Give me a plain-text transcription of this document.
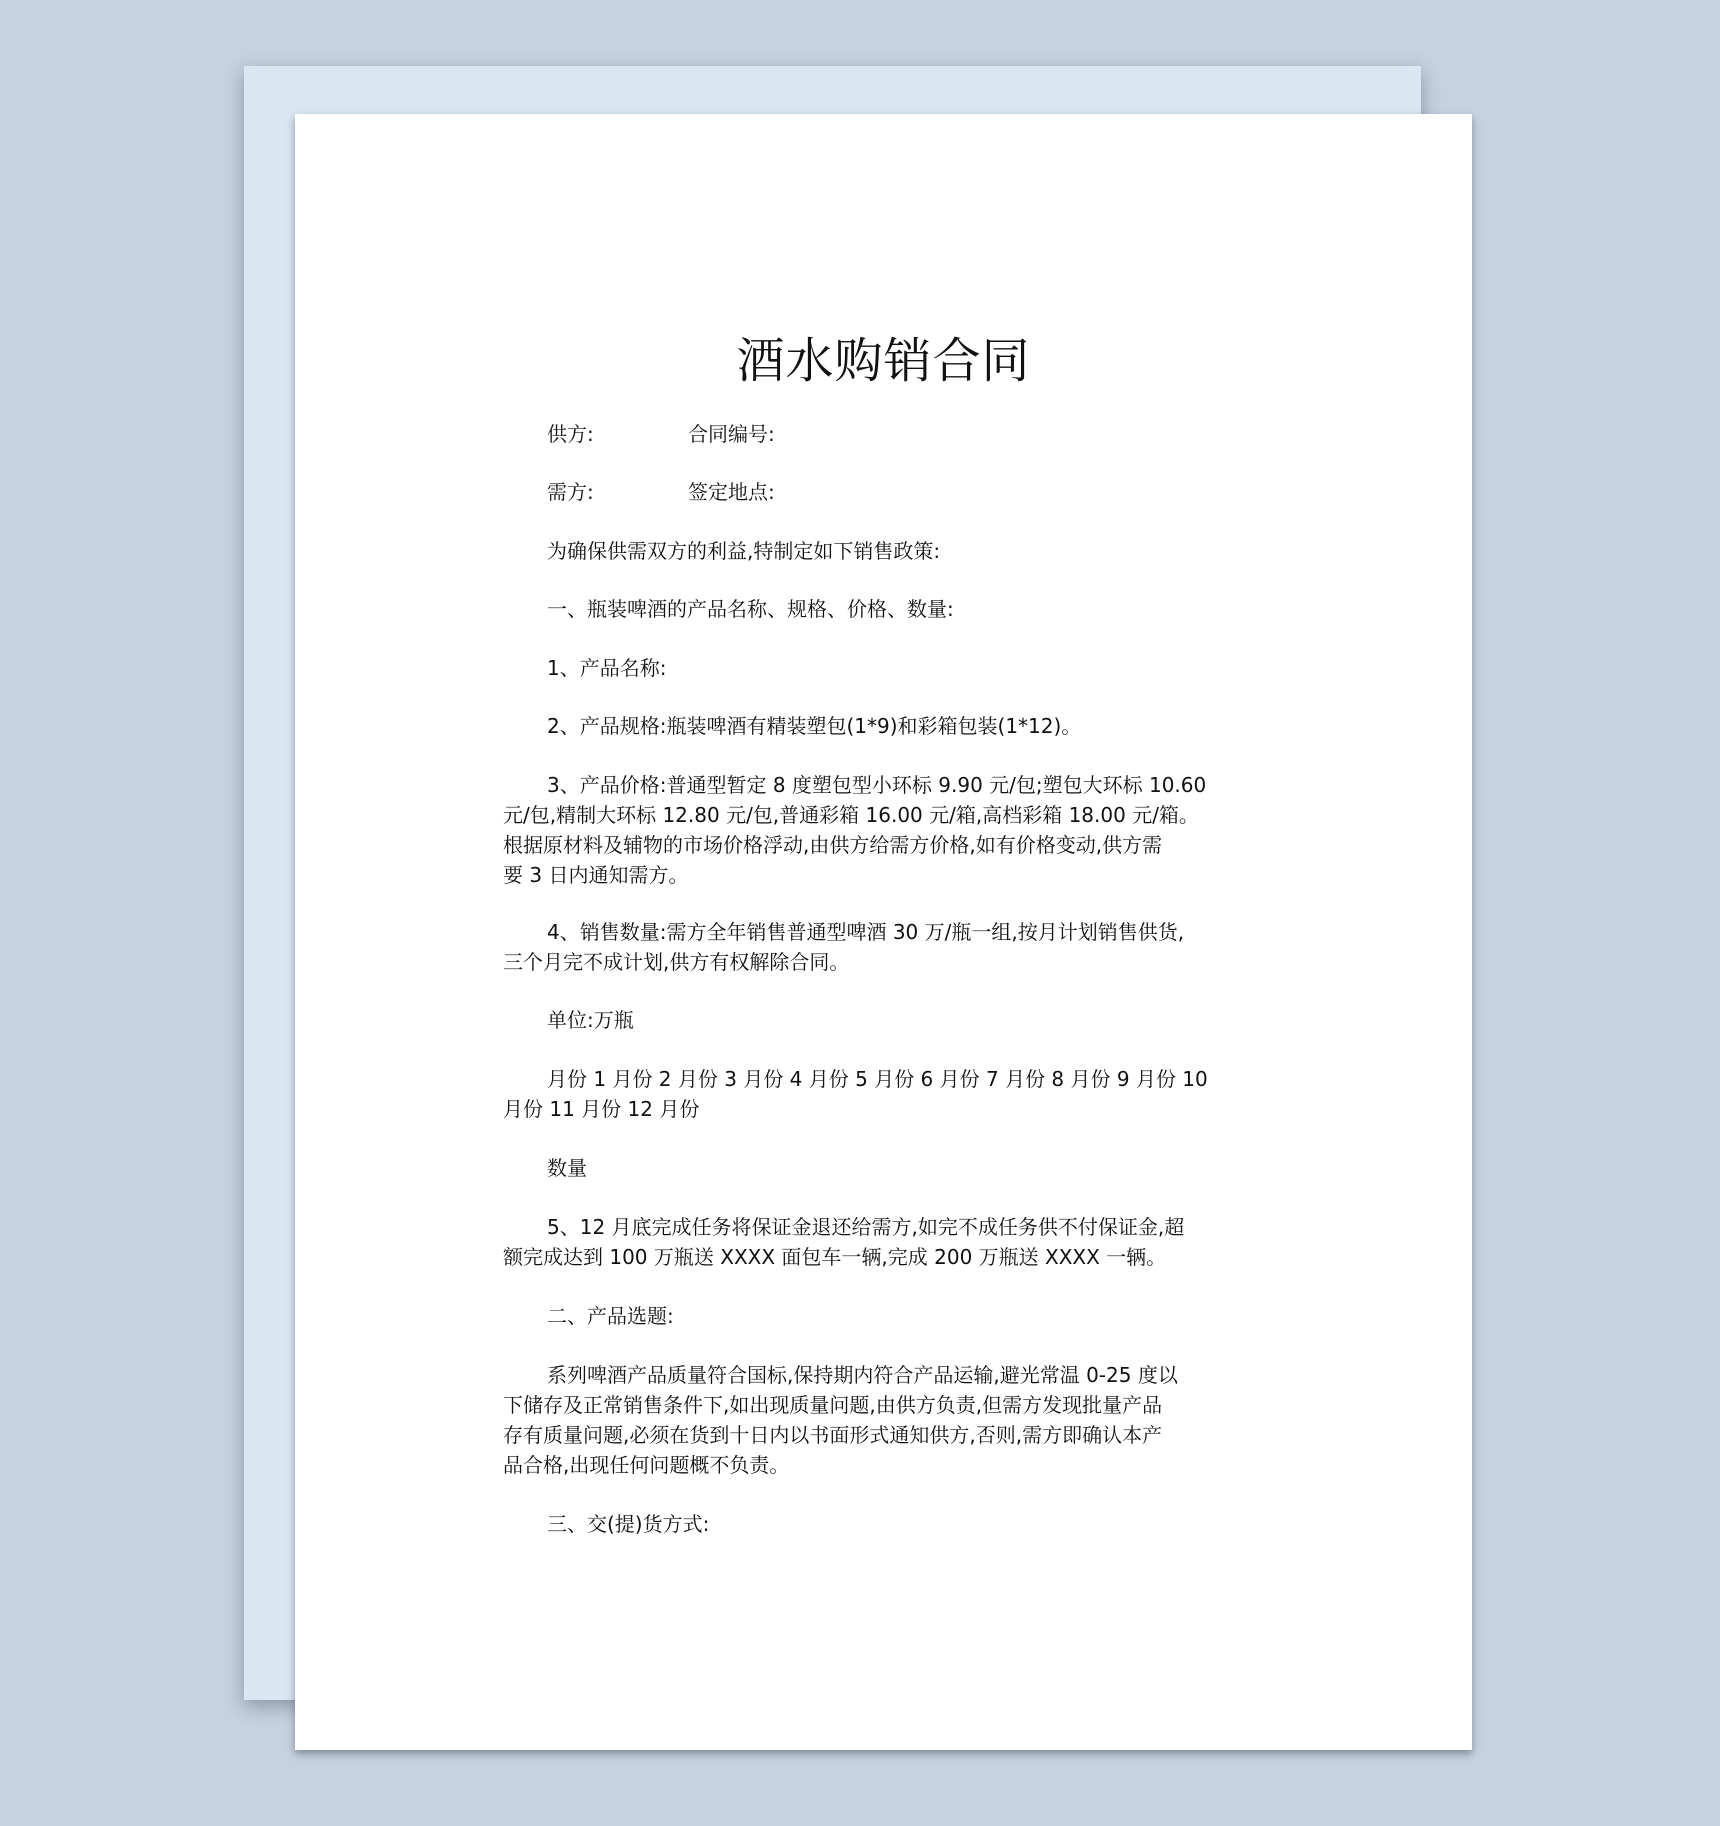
酒水购销合同
供方:	合同编号:
需方:	签定地点:
为确保供需双方的利益,特制定如下销售政策:
一、瓶装啤酒的产品名称、规格、价格、数量:
1、产品名称:
2、产品规格:瓶装啤酒有精装塑包(1*9)和彩箱包装(1*12)。
3、产品价格:普通型暂定 8 度塑包型小环标 9.90 元/包;塑包大环标 10.60
元/包,精制大环标 12.80 元/包,普通彩箱 16.00 元/箱,高档彩箱 18.00 元/箱。
根据原材料及辅物的市场价格浮动,由供方给需方价格,如有价格变动,供方需
要 3 日内通知需方。
4、销售数量:需方全年销售普通型啤酒 30 万/瓶一组,按月计划销售供货,
三个月完不成计划,供方有权解除合同。
单位:万瓶
月份 1 月份 2 月份 3 月份 4 月份 5 月份 6 月份 7 月份 8 月份 9 月份 10
月份 11 月份 12 月份
数量
5、12 月底完成任务将保证金退还给需方,如完不成任务供不付保证金,超
额完成达到 100 万瓶送 XXXX 面包车一辆,完成 200 万瓶送 XXXX 一辆。
二、产品选题:
系列啤酒产品质量符合国标,保持期内符合产品运输,避光常温 0-25 度以
下储存及正常销售条件下,如出现质量问题,由供方负责,但需方发现批量产品
存有质量问题,必须在货到十日内以书面形式通知供方,否则,需方即确认本产
品合格,出现任何问题概不负责。
三、交(提)货方式:
